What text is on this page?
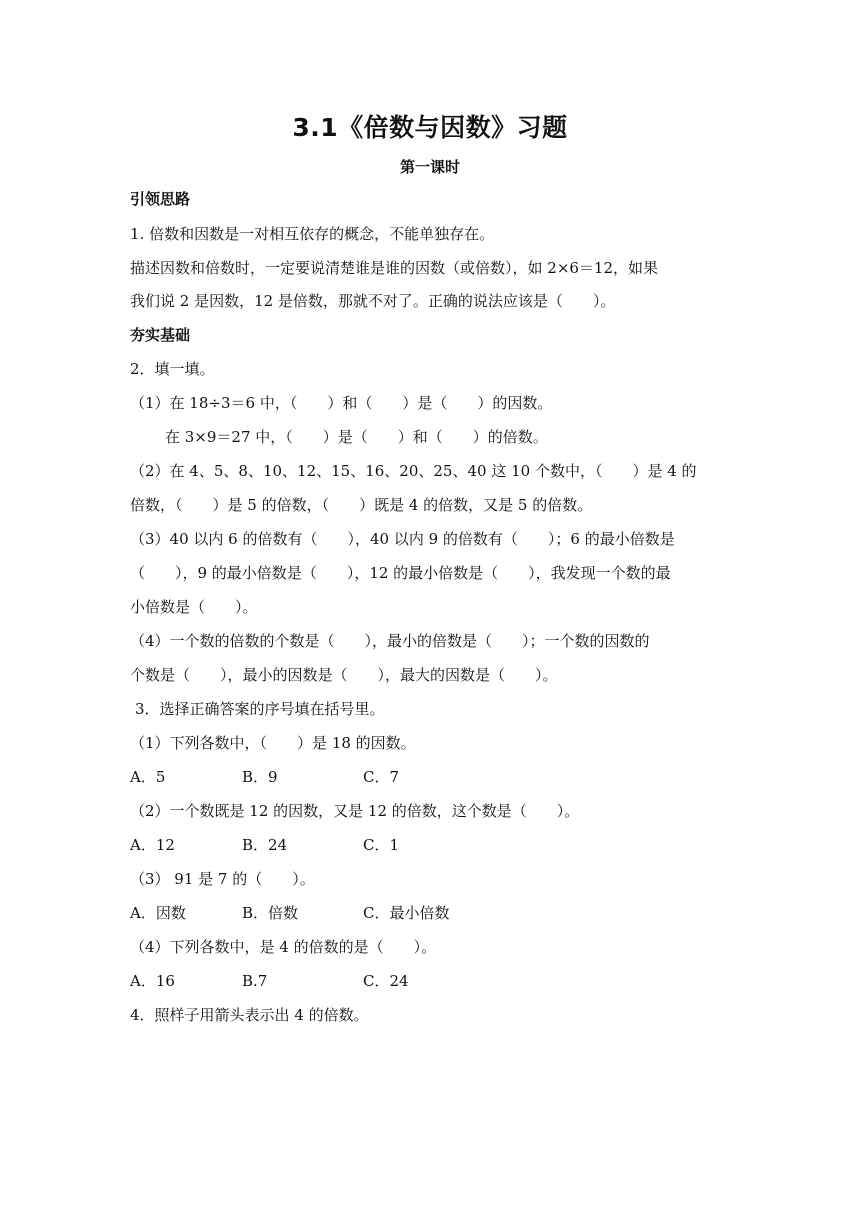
3.1《倍数与因数》习题
第一课时
引领思路
1. 倍数和因数是一对相互依存的概念，不能单独存在。
描述因数和倍数时，一定要说清楚谁是谁的因数（或倍数），如 2×6＝12，如果
我们说 2 是因数，12 是倍数，那就不对了。正确的说法应该是（　　）。
夯实基础
2．填一填。
（1）在 18÷3＝6 中，（　　）和（　　）是（　　）的因数。
在 3×9＝27 中，（　　）是（　　）和（　　）的倍数。
（2）在 4、5、8、10、12、15、16、20、25、40 这 10 个数中，（　　）是 4 的
倍数，（　　）是 5 的倍数，（　　）既是 4 的倍数，又是 5 的倍数。
（3）40 以内 6 的倍数有（　　），40 以内 9 的倍数有（　　）；6 的最小倍数是
（　　），9 的最小倍数是（　　），12 的最小倍数是（　　），我发现一个数的最
小倍数是（　　）。
（4）一个数的倍数的个数是（　　），最小的倍数是（　　）；一个数的因数的
个数是（　　），最小的因数是（　　），最大的因数是（　　）。
3．选择正确答案的序号填在括号里。
（1）下列各数中，（　　）是 18 的因数。
A．5	B．9	C．7
（2）一个数既是 12 的因数，又是 12 的倍数，这个数是（　　）。
A．12	B．24	C．1
（3） 91 是 7 的（　　）。
A．因数	B．倍数	C．最小倍数
（4）下列各数中，是 4 的倍数的是（　　）。
A．16	B.7	C．24
4．照样子用箭头表示出 4 的倍数。
